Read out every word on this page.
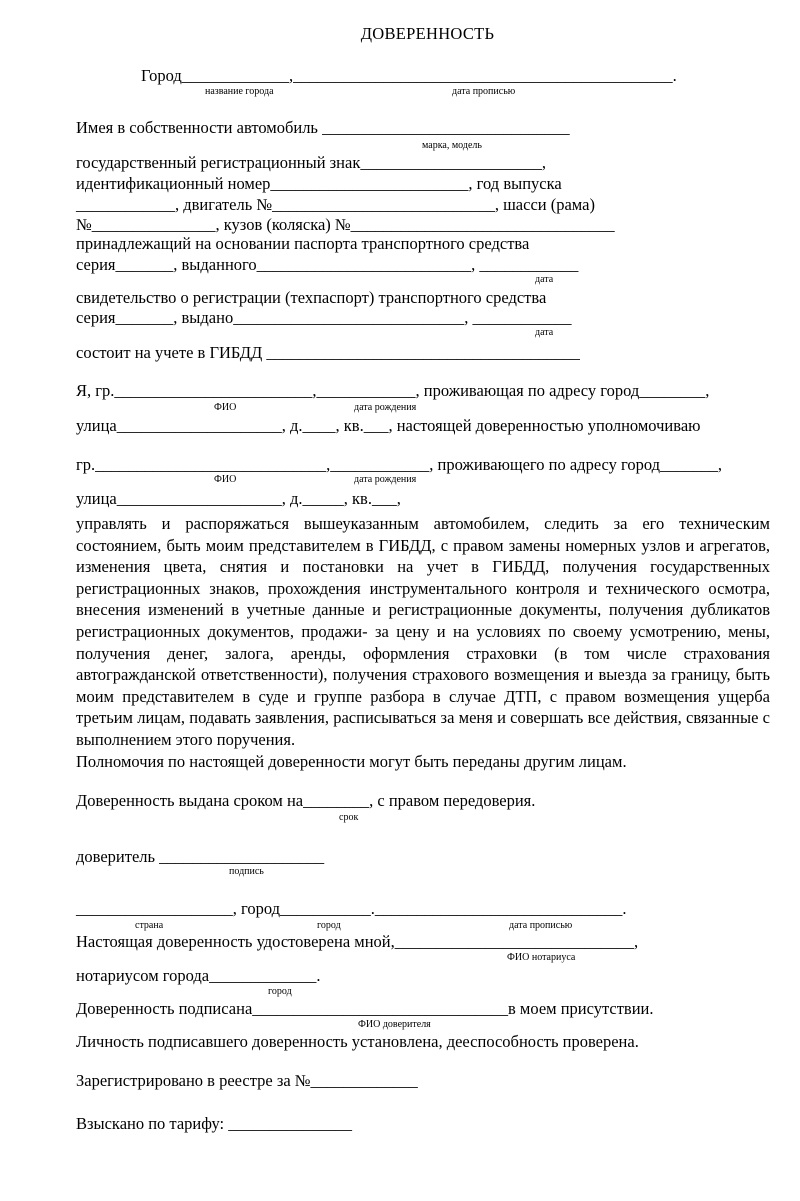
ДОВЕРЕННОСТЬ
Город_____________,______________________________________________.
название города	дата прописью
Имея в собственности автомобиль ______________________________
марка, модель
государственный регистрационный знак______________________,
идентификационный номер________________________, год выпуска
____________, двигатель №___________________________, шасси (рама)
№_______________, кузов (коляска) №________________________________
принадлежащий на основании паспорта транспортного средства
серия_______, выданного__________________________, ____________
дата
свидетельство о регистрации (техпаспорт) транспортного средства
серия_______, выдано____________________________, ____________
дата
состоит на учете в ГИБДД ______________________________________
Я, гр.________________________,____________, проживающая по адресу город________,
ФИО	дата рождения
улица____________________, д.____, кв.___, настоящей доверенностью уполномочиваю
гр.____________________________,____________, проживающего по адресу город_______,
ФИО	дата рождения
улица____________________, д._____, кв.___,
управлять и распоряжаться вышеуказанным автомобилем, следить за его техническим состоянием, быть моим представителем в ГИБДД, с правом замены номерных узлов и агрегатов, изменения цвета, снятия и постановки на учет в ГИБДД, получения государственных регистрационных знаков, прохождения инструментального контроля и технического осмотра, внесения изменений в учетные данные и регистрационные документы, получения дубликатов регистрационных документов, продажи- за цену и на условиях по своему усмотрению, мены, получения денег, залога, аренды, оформления страховки (в том числе страхования автогражданской ответственности), получения страхового возмещения и выезда за границу, быть моим представителем в суде и группе разбора в случае ДТП, с правом возмещения ущерба третьим лицам, подавать заявления, расписываться за меня и совершать все действия, связанные с выполнением этого поручения.
Полномочия по настоящей доверенности могут быть переданы другим лицам.
Доверенность выдана сроком на________, с правом передоверия.
срок
доверитель ____________________
подпись
___________________, город___________.______________________________.
страна	город	дата прописью
Настоящая доверенность удостоверена мной,_____________________________,
ФИО нотариуса
нотариусом города_____________.
город
Доверенность подписана_______________________________в моем присутствии.
ФИО доверителя
Личность подписавшего доверенность установлена, дееспособность проверена.
Зарегистрировано в реестре за №_____________
Взыскано по тарифу: _______________
